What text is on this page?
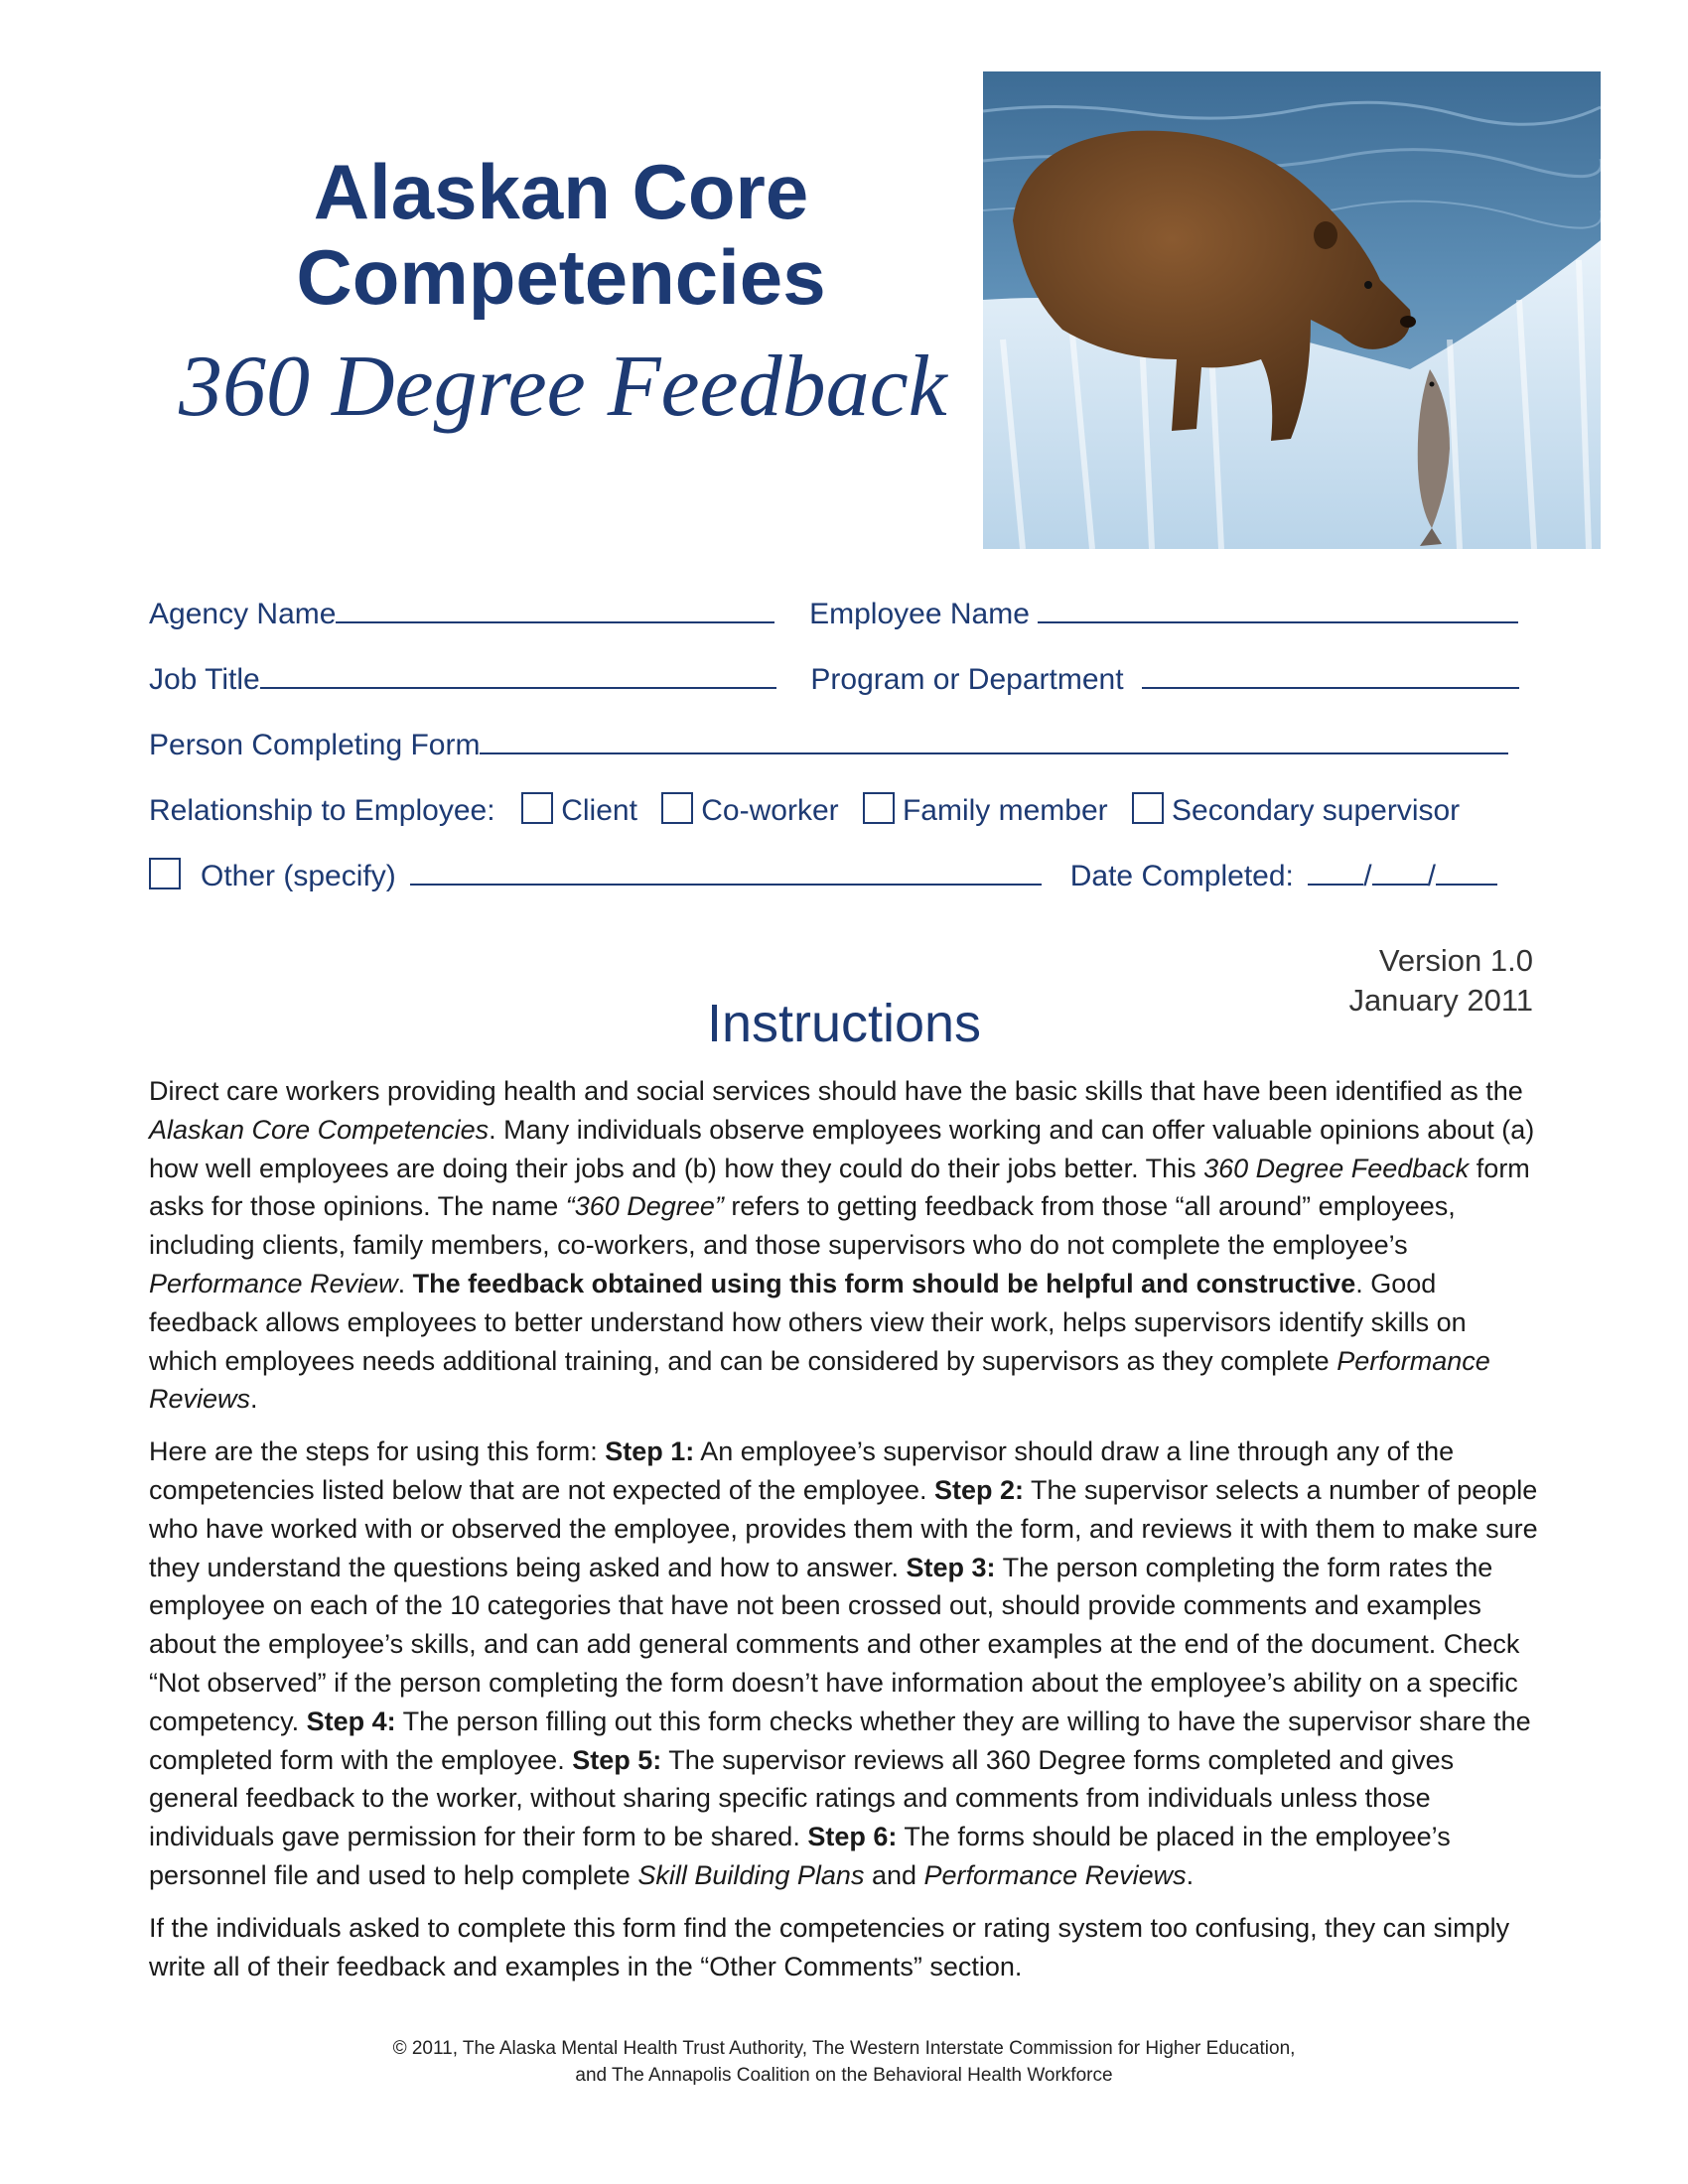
Alaskan Core
Competencies
360 Degree Feedback
Agency Name	Employee Name
Job Title	Program or Department
Person Completing Form
Relationship to Employee: Client Co-worker Family member Secondary supervisor
Other (specify)	Date Completed: / /
Version 1.0
January 2011
Instructions

Direct care workers providing health and social services should have the basic skills that have been identified as the Alaskan Core Competencies. Many individuals observe employees working and can offer valuable opinions about (a) how well employees are doing their jobs and (b) how they could do their jobs better. This 360 Degree Feedback form asks for those opinions. The name “360 Degree” refers to getting feedback from those “all around” employees, including clients, family members, co-workers, and those supervisors who do not complete the employee’s Performance Review. The feedback obtained using this form should be helpful and constructive. Good feedback allows employees to better understand how others view their work, helps supervisors identify skills on which employees needs additional training, and can be considered by supervisors as they complete Performance Reviews.

Here are the steps for using this form: Step 1: An employee’s supervisor should draw a line through any of the competencies listed below that are not expected of the employee. Step 2: The supervisor selects a number of people who have worked with or observed the employee, provides them with the form, and reviews it with them to make sure they understand the questions being asked and how to answer. Step 3: The person completing the form rates the employee on each of the 10 categories that have not been crossed out, should provide comments and examples about the employee’s skills, and can add general comments and other examples at the end of the document. Check “Not observed” if the person completing the form doesn’t have information about the employee’s ability on a specific competency. Step 4: The person filling out this form checks whether they are willing to have the supervisor share the completed form with the employee. Step 5: The supervisor reviews all 360 Degree forms completed and gives general feedback to the worker, without sharing specific ratings and comments from individuals unless those individuals gave permission for their form to be shared. Step 6: The forms should be placed in the employee’s personnel file and used to help complete Skill Building Plans and Performance Reviews.

If the individuals asked to complete this form find the competencies or rating system too confusing, they can simply write all of their feedback and examples in the “Other Comments” section.

© 2011, The Alaska Mental Health Trust Authority, The Western Interstate Commission for Higher Education,
and The Annapolis Coalition on the Behavioral Health Workforce
